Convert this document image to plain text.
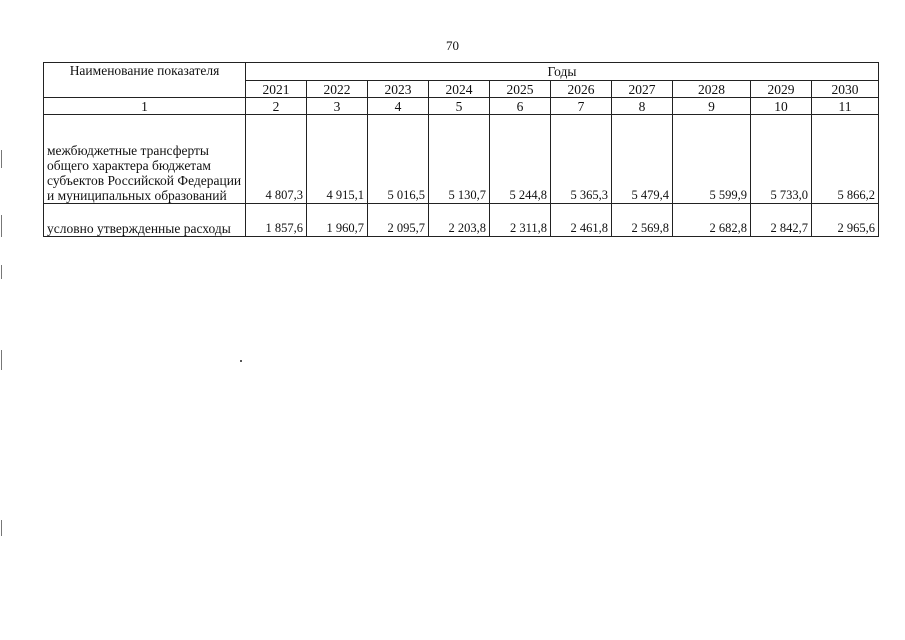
70
Наименование показателя	Годы									
	2021	2022	2023	2024	2025	2026	2027	2028	2029	2030
1	2	3	4	5	6	7	8	9	10	11
межбюджетные трансферты общего характера бюджетам субъектов Российской Федерации и муниципальных образований	4 807,3	4 915,1	5 016,5	5 130,7	5 244,8	5 365,3	5 479,4	5 599,9	5 733,0	5 866,2
условно утвержденные расходы	1 857,6	1 960,7	2 095,7	2 203,8	2 311,8	2 461,8	2 569,8	2 682,8	2 842,7	2 965,6
